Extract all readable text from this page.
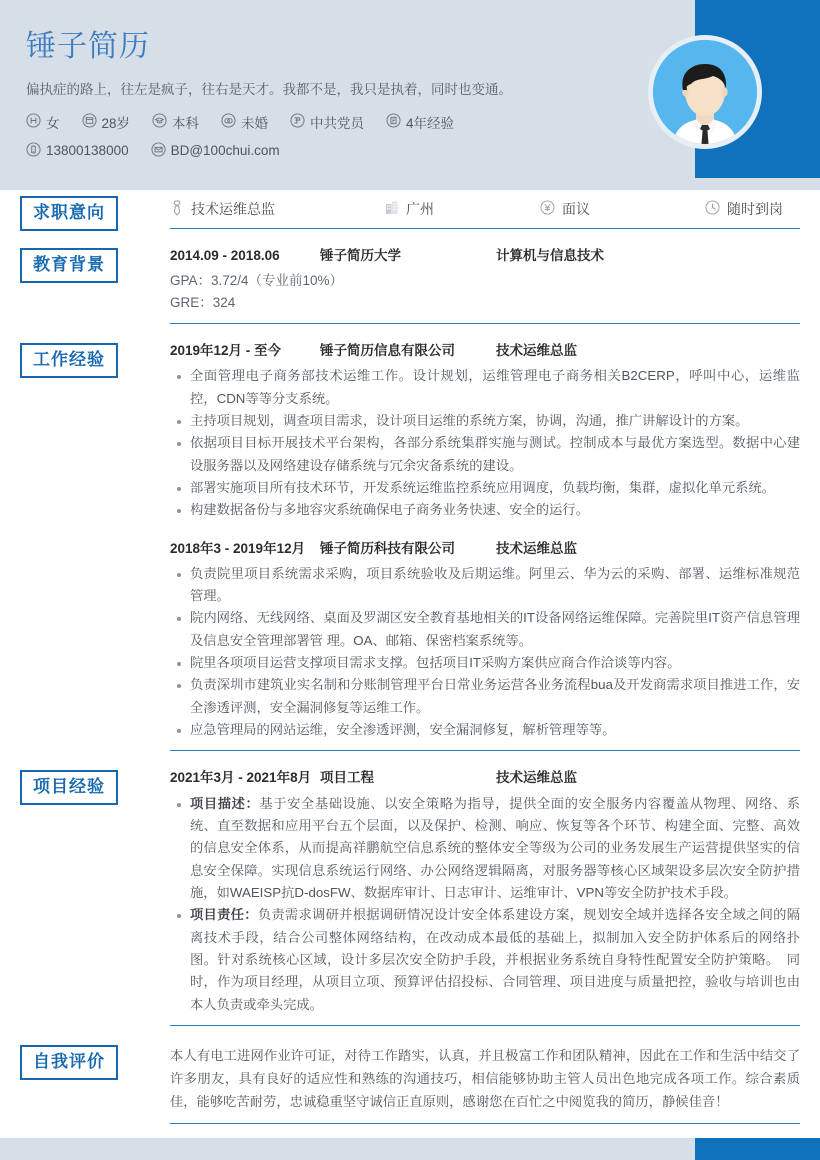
锤子简历
偏执症的路上，往左是疯子，往右是天才。我都不是，我只是执着，同时也变通。
女	28岁	本科	未婚	中共党员	4年经验
13800138000	BD@100chui.com
求职意向	技术运维总监	广州	面议	随时到岗
教育背景	2014.09 - 2018.06	锤子简历大学	计算机与信息技术
GPA：3.72/4（专业前10%）
GRE：324
工作经验	2019年12月 - 至今	锤子简历信息有限公司	技术运维总监
全面管理电子商务部技术运维工作。设计规划，运维管理电子商务相关B2CERP，呼叫中心，运维监控，CDN等等分支系统。
主持项目规划，调查项目需求，设计项目运维的系统方案，协调，沟通，推广讲解设计的方案。
依据项目目标开展技术平台架构，各部分系统集群实施与测试。控制成本与最优方案选型。数据中心建设服务器以及网络建设存储系统与冗余灾备系统的建设。
部署实施项目所有技术环节，开发系统运维监控系统应用调度，负载均衡，集群，虚拟化单元系统。
构建数据备份与多地容灾系统确保电子商务业务快速、安全的运行。
2018年3 - 2019年12月	锤子简历科技有限公司	技术运维总监
负责院里项目系统需求采购，项目系统验收及后期运维。阿里云、华为云的采购、部署、运维标准规范管理。
院内网络、无线网络、桌面及罗湖区安全教育基地相关的IT设备网络运维保障。完善院里IT资产信息管理及信息安全管理部署管 理。OA、邮箱、保密档案系统等。
院里各项项目运营支撑项目需求支撑。包括项目IT采购方案供应商合作洽谈等内容。
负责深圳市建筑业实名制和分账制管理平台日常业务运营各业务流程bua及开发商需求项目推进工作，安全渗透评测，安全漏洞修复等运维工作。
应急管理局的网站运维，安全渗透评测，安全漏洞修复，解析管理等等。
项目经验	2021年3月 - 2021年8月 项目工程	技术运维总监
项目描述：基于安全基础设施、以安全策略为指导，提供全面的安全服务内容覆盖从物理、网络、系统、直至数据和应用平台五个层面，以及保护、检测、响应、恢复等各个环节、构建全面、完整、高效的信息安全体系，从而提高祥鹏航空信息系统的整体安全等级为公司的业务发展生产运营提供坚实的信息安全保障。实现信息系统运行网络、办公网络逻辑隔离，对服务器等核心区域架设多层次安全防护措施，如WAEISP抗D-dosFW、数据库审计、日志审计、运维审计、VPN等安全防护技术手段。
项目责任：负责需求调研并根据调研情况设计安全体系建设方案，规划安全域并选择各安全域之间的隔离技术手段，结合公司整体网络结构，在改动成本最低的基础上，拟制加入安全防护体系后的网络扑图。针对系统核心区域，设计多层次安全防护手段，并根据业务系统自身特性配置安全防护策略。　同时，作为项目经理，从项目立项、预算评估招投标、合同管理、项目进度与质量把控，验收与培训也由本人负责或牵头完成。
自我评价	本人有电工进网作业许可证，对待工作踏实，认真，并且极富工作和团队精神，因此在工作和生活中结交了许多朋友，具有良好的适应性和熟练的沟通技巧，相信能够协助主管人员出色地完成各项工作。综合素质佳，能够吃苦耐劳，忠诚稳重坚守诚信正直原则，感谢您在百忙之中阅览我的简历，静候佳音！
